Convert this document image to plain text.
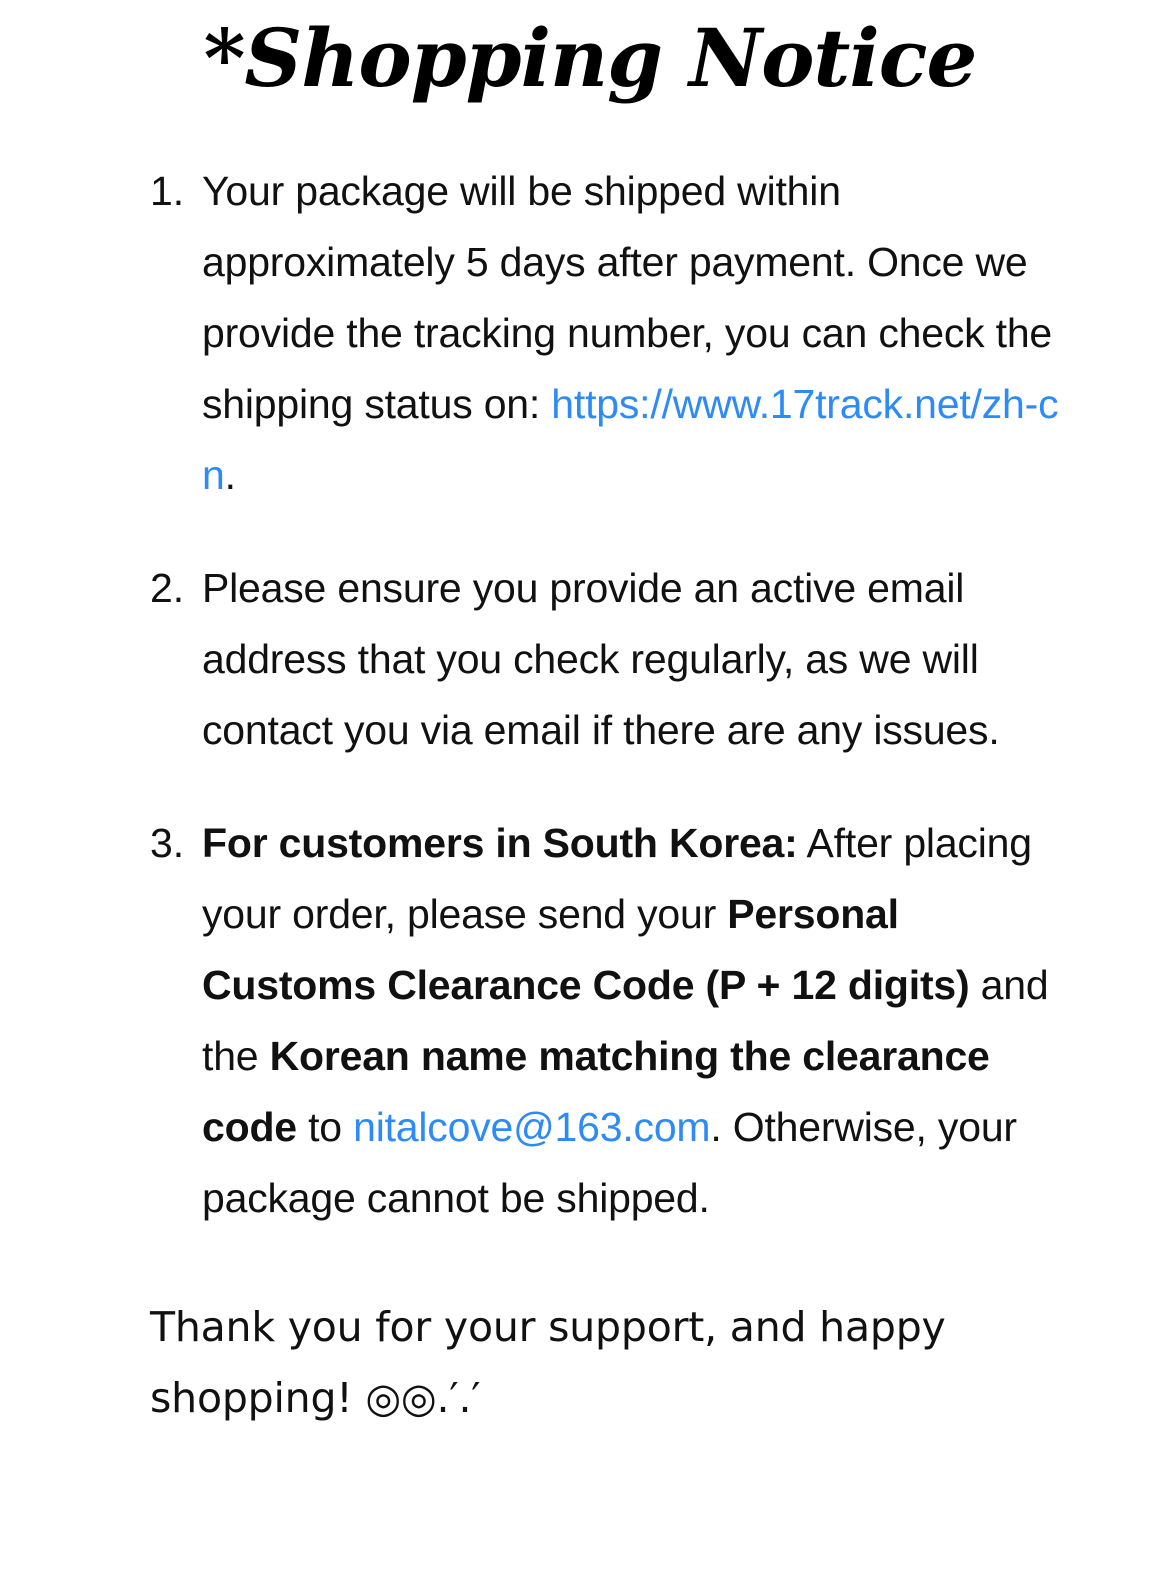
*Shopping Notice
1. Your package will be shipped within approximately 5 days after payment. Once we provide the tracking number, you can check the shipping status on: https://www.17track.net/zh-cn.
2. Please ensure you provide an active email address that you check regularly, as we will contact you via email if there are any issues.
3. For customers in South Korea: After placing your order, please send your Personal Customs Clearance Code (P + 12 digits) and the Korean name matching the clearance code to nitalcove@163.com. Otherwise, your package cannot be shipped.

Thank you for your support, and happy shopping! ◎◎.′.′
